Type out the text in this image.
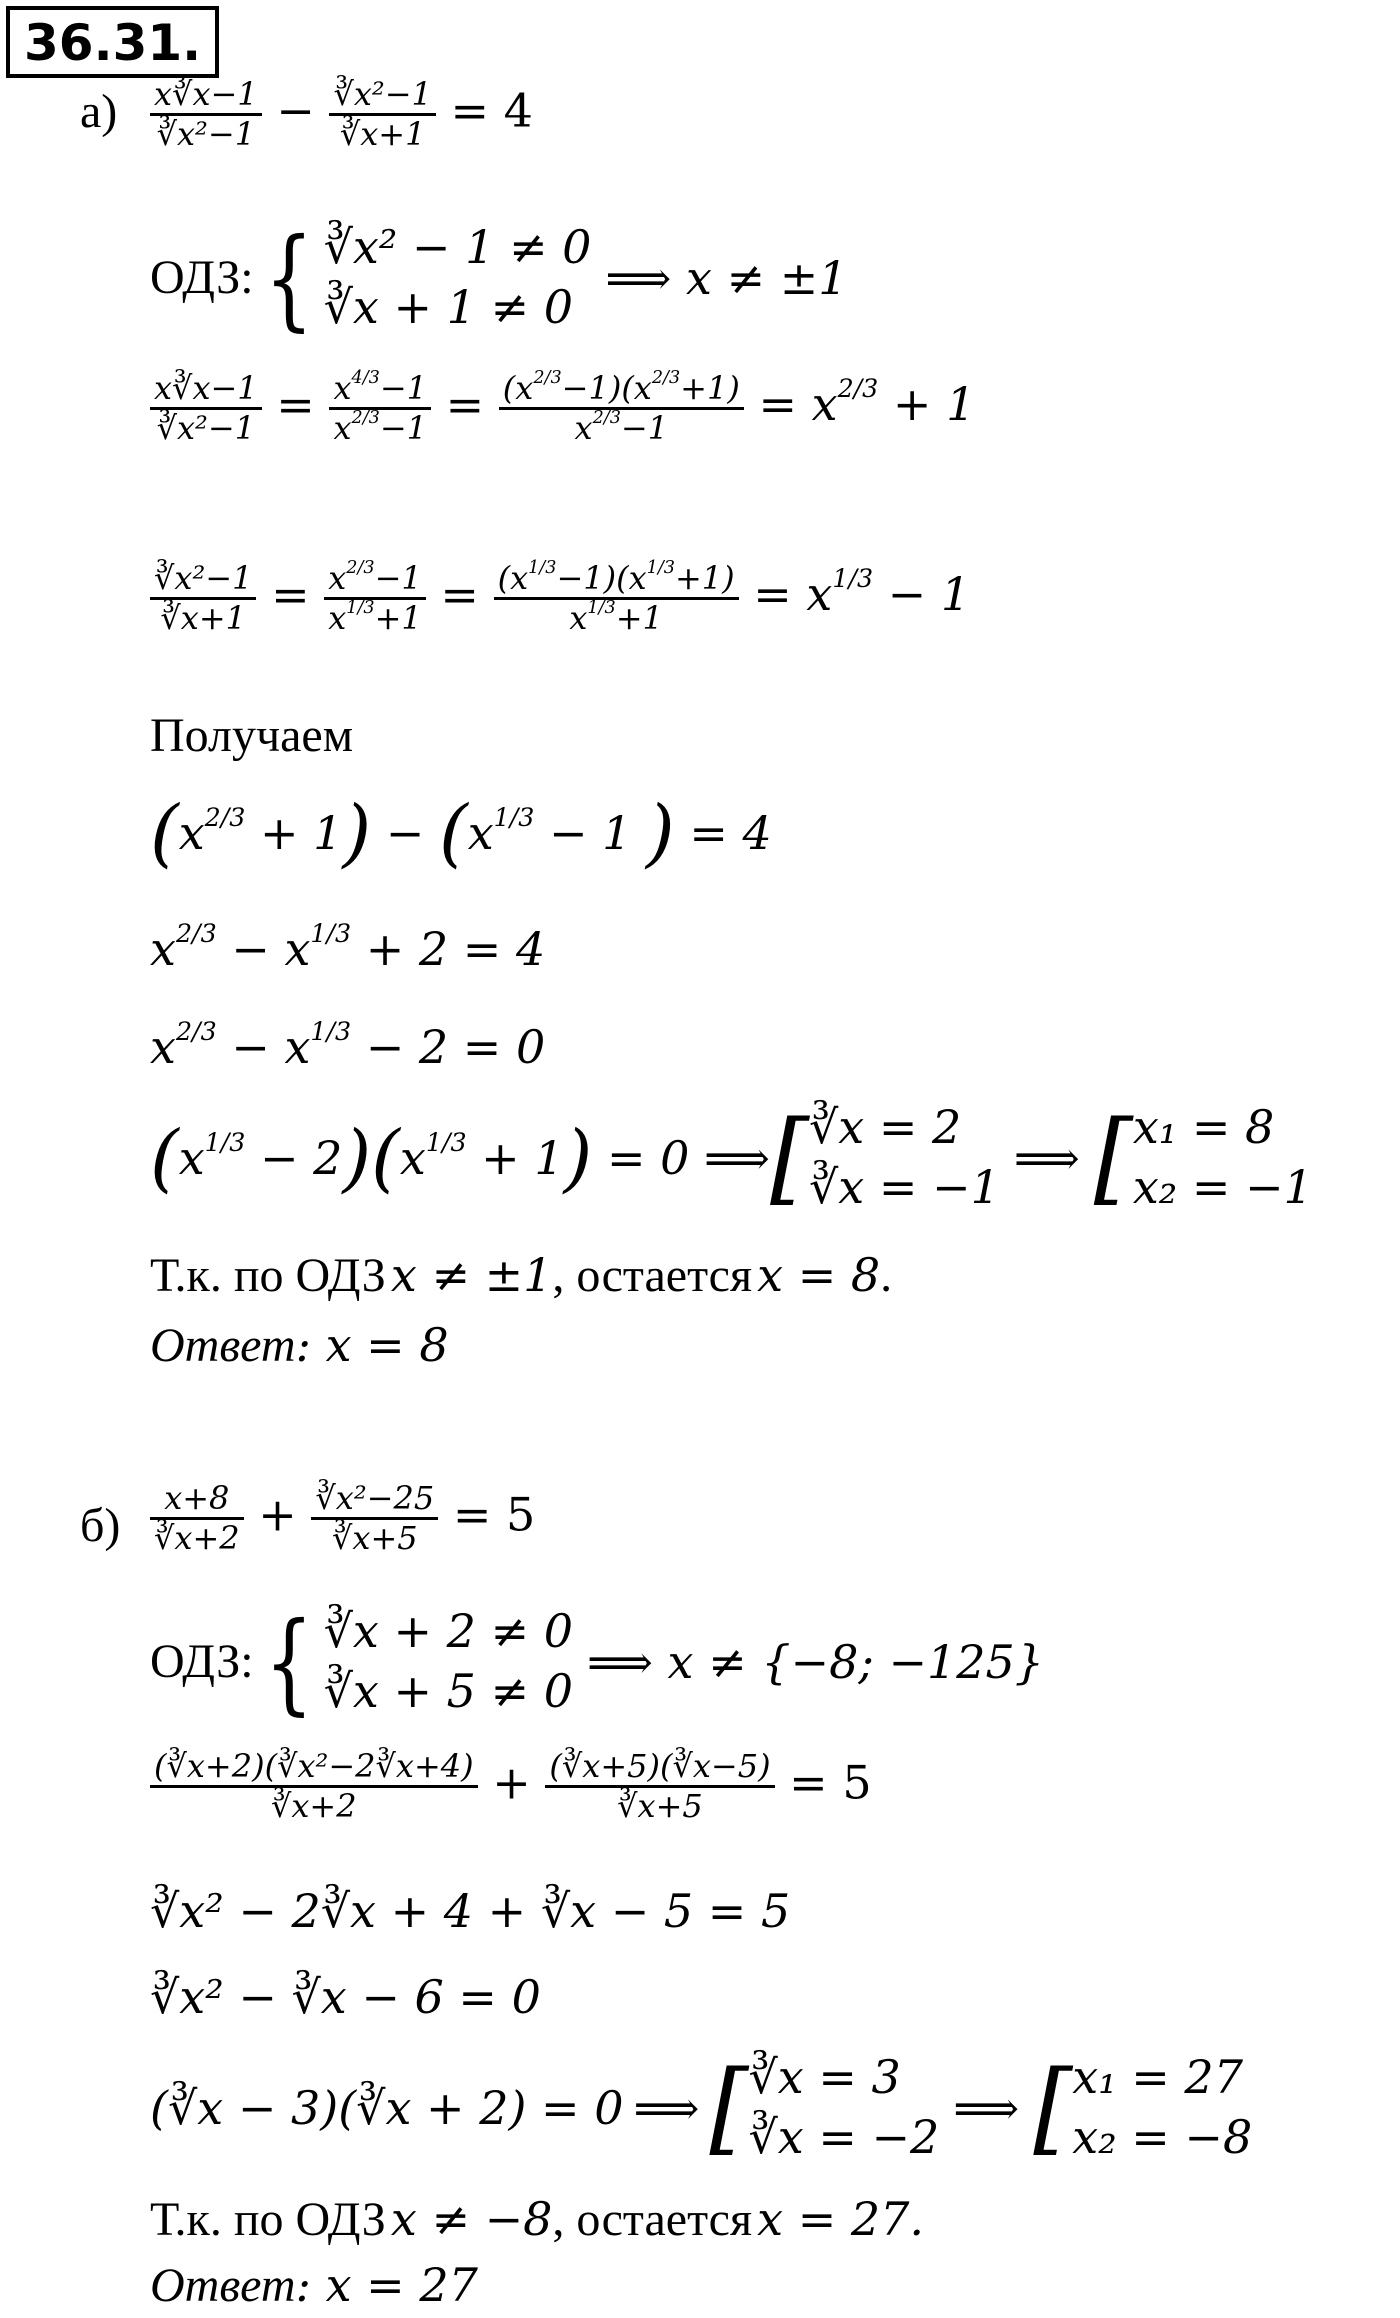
36.31.
$а) \frac{x∛x-1}{\text{∛x²−1}} - \frac{\text{∛x²−1}}{∛x+1} = 4$
ОДЗ: { ∛x² − 1 ≠ 0
∛x + 1 ≠ 0
⟹ x ≠ ±1
$\frac{x∛x-1}{\text{∛x²−1}} = \frac{x^{4/3}-1}{x^{2/3}-1} = \frac{(x^{2/3}-1)(x^{2/3}+1)}{x^{2/3}-1} = x^{2/3} + 1$
$\frac{\text{∛x²−1}}{∛x+1} = \frac{x^{2/3}-1}{x^{1/3}+1} = \frac{(x^{1/3}-1)(x^{1/3}+1)}{x^{1/3}+1} = x^{1/3} - 1$
Получаем
$(x^{2/3} + 1) - (x^{1/3} - 1$ ) = 4
$x^{2/3} - x^{1/3} + 2 = 4$
$x^{2/3} - x^{1/3} - 2 = 0$
$(x^{1/3} - 2)(x^{1/3} + 1) = 0$ ⟹ [ ∛x = 2
∛x = −1
⟹ [ x₁ = 8
x₂ = −1
Т.к. по ОДЗ x ≠ ±1, остается x = 8.
Ответ: x = 8
$б) \frac{x+8}{∛x+2} + \frac{\text{∛x²−25}}{∛x+5} = 5$
ОДЗ: { ∛x + 2 ≠ 0
∛x + 5 ≠ 0
⟹ x ≠ {−8; −125}
$\frac{\text{(∛x+2)(∛x²−2∛x+4)}}{∛x+2} + \frac{(∛x+5)(∛x-5)}{∛x+5} = 5$
∛x² − 2∛x + 4 + ∛x − 5 = 5
∛x² − ∛x − 6 = 0
(∛x − 3)(∛x + 2) = 0 ⟹ [ ∛x = 3
∛x = −2
⟹ [ x₁ = 27
x₂ = −8
Т.к. по ОДЗ x ≠ −8, остается x = 27.
Ответ: x = 27
